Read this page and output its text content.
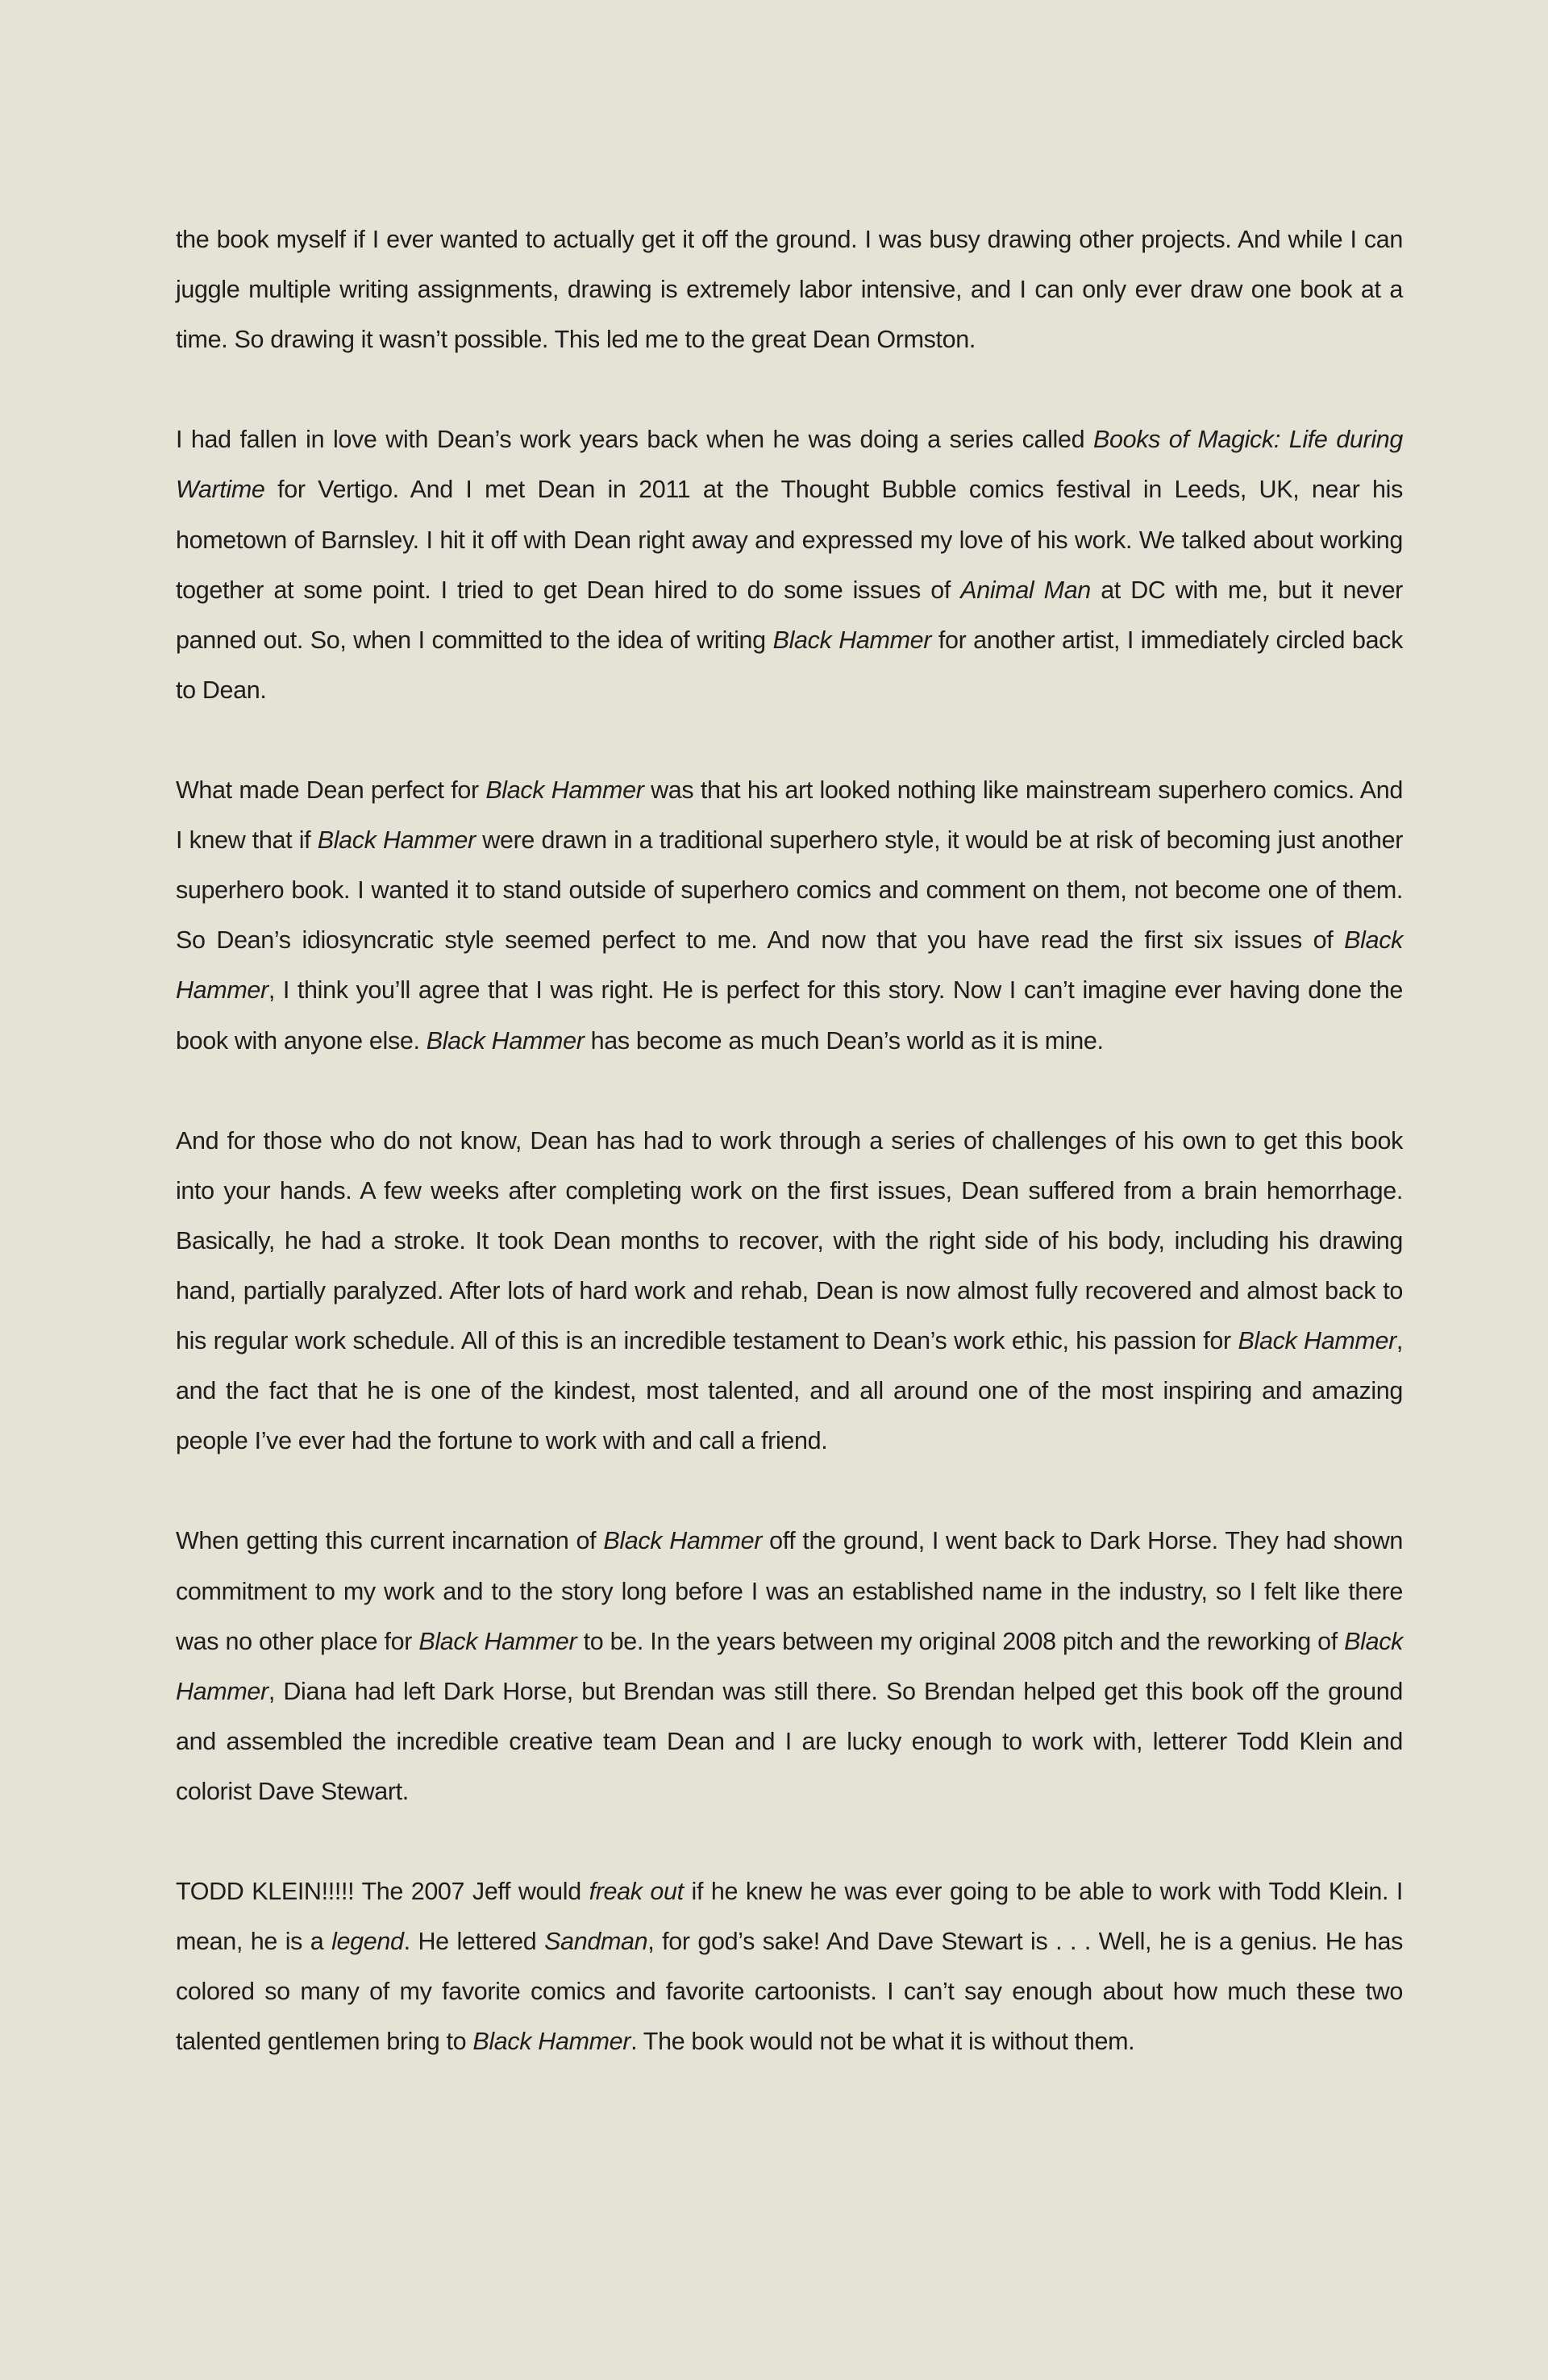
the book myself if I ever wanted to actually get it off the ground. I was busy drawing other projects. And while I can juggle multiple writing assignments, drawing is extremely labor intensive, and I can only ever draw one book at a time. So drawing it wasn’t possible. This led me to the great Dean Ormston.

I had fallen in love with Dean’s work years back when he was doing a series called Books of Magick: Life during Wartime for Vertigo. And I met Dean in 2011 at the Thought Bubble comics festival in Leeds, UK, near his hometown of Barnsley. I hit it off with Dean right away and expressed my love of his work. We talked about working together at some point. I tried to get Dean hired to do some issues of Animal Man at DC with me, but it never panned out. So, when I committed to the idea of writing Black Hammer for another artist, I immediately circled back to Dean.

What made Dean perfect for Black Hammer was that his art looked nothing like mainstream superhero comics. And I knew that if Black Hammer were drawn in a traditional superhero style, it would be at risk of becoming just another superhero book. I wanted it to stand outside of superhero comics and comment on them, not become one of them. So Dean’s idiosyncratic style seemed perfect to me. And now that you have read the first six issues of Black Hammer, I think you’ll agree that I was right. He is perfect for this story. Now I can’t imagine ever having done the book with anyone else. Black Hammer has become as much Dean’s world as it is mine.

And for those who do not know, Dean has had to work through a series of challenges of his own to get this book into your hands. A few weeks after completing work on the first issues, Dean suffered from a brain hemorrhage. Basically, he had a stroke. It took Dean months to recover, with the right side of his body, including his drawing hand, partially paralyzed. After lots of hard work and rehab, Dean is now almost fully recovered and almost back to his regular work schedule. All of this is an incredible testament to Dean’s work ethic, his passion for Black Hammer, and the fact that he is one of the kindest, most talented, and all around one of the most inspiring and amazing people I’ve ever had the fortune to work with and call a friend.

When getting this current incarnation of Black Hammer off the ground, I went back to Dark Horse. They had shown commitment to my work and to the story long before I was an established name in the industry, so I felt like there was no other place for Black Hammer to be. In the years between my original 2008 pitch and the reworking of Black Hammer, Diana had left Dark Horse, but Brendan was still there. So Brendan helped get this book off the ground and assembled the incredible creative team Dean and I are lucky enough to work with, letterer Todd Klein and colorist Dave Stewart.

TODD KLEIN!!!!! The 2007 Jeff would freak out if he knew he was ever going to be able to work with Todd Klein. I mean, he is a legend. He lettered Sandman, for god’s sake! And Dave Stewart is . . . Well, he is a genius. He has colored so many of my favorite comics and favorite cartoonists. I can’t say enough about how much these two talented gentlemen bring to Black Hammer. The book would not be what it is without them.
